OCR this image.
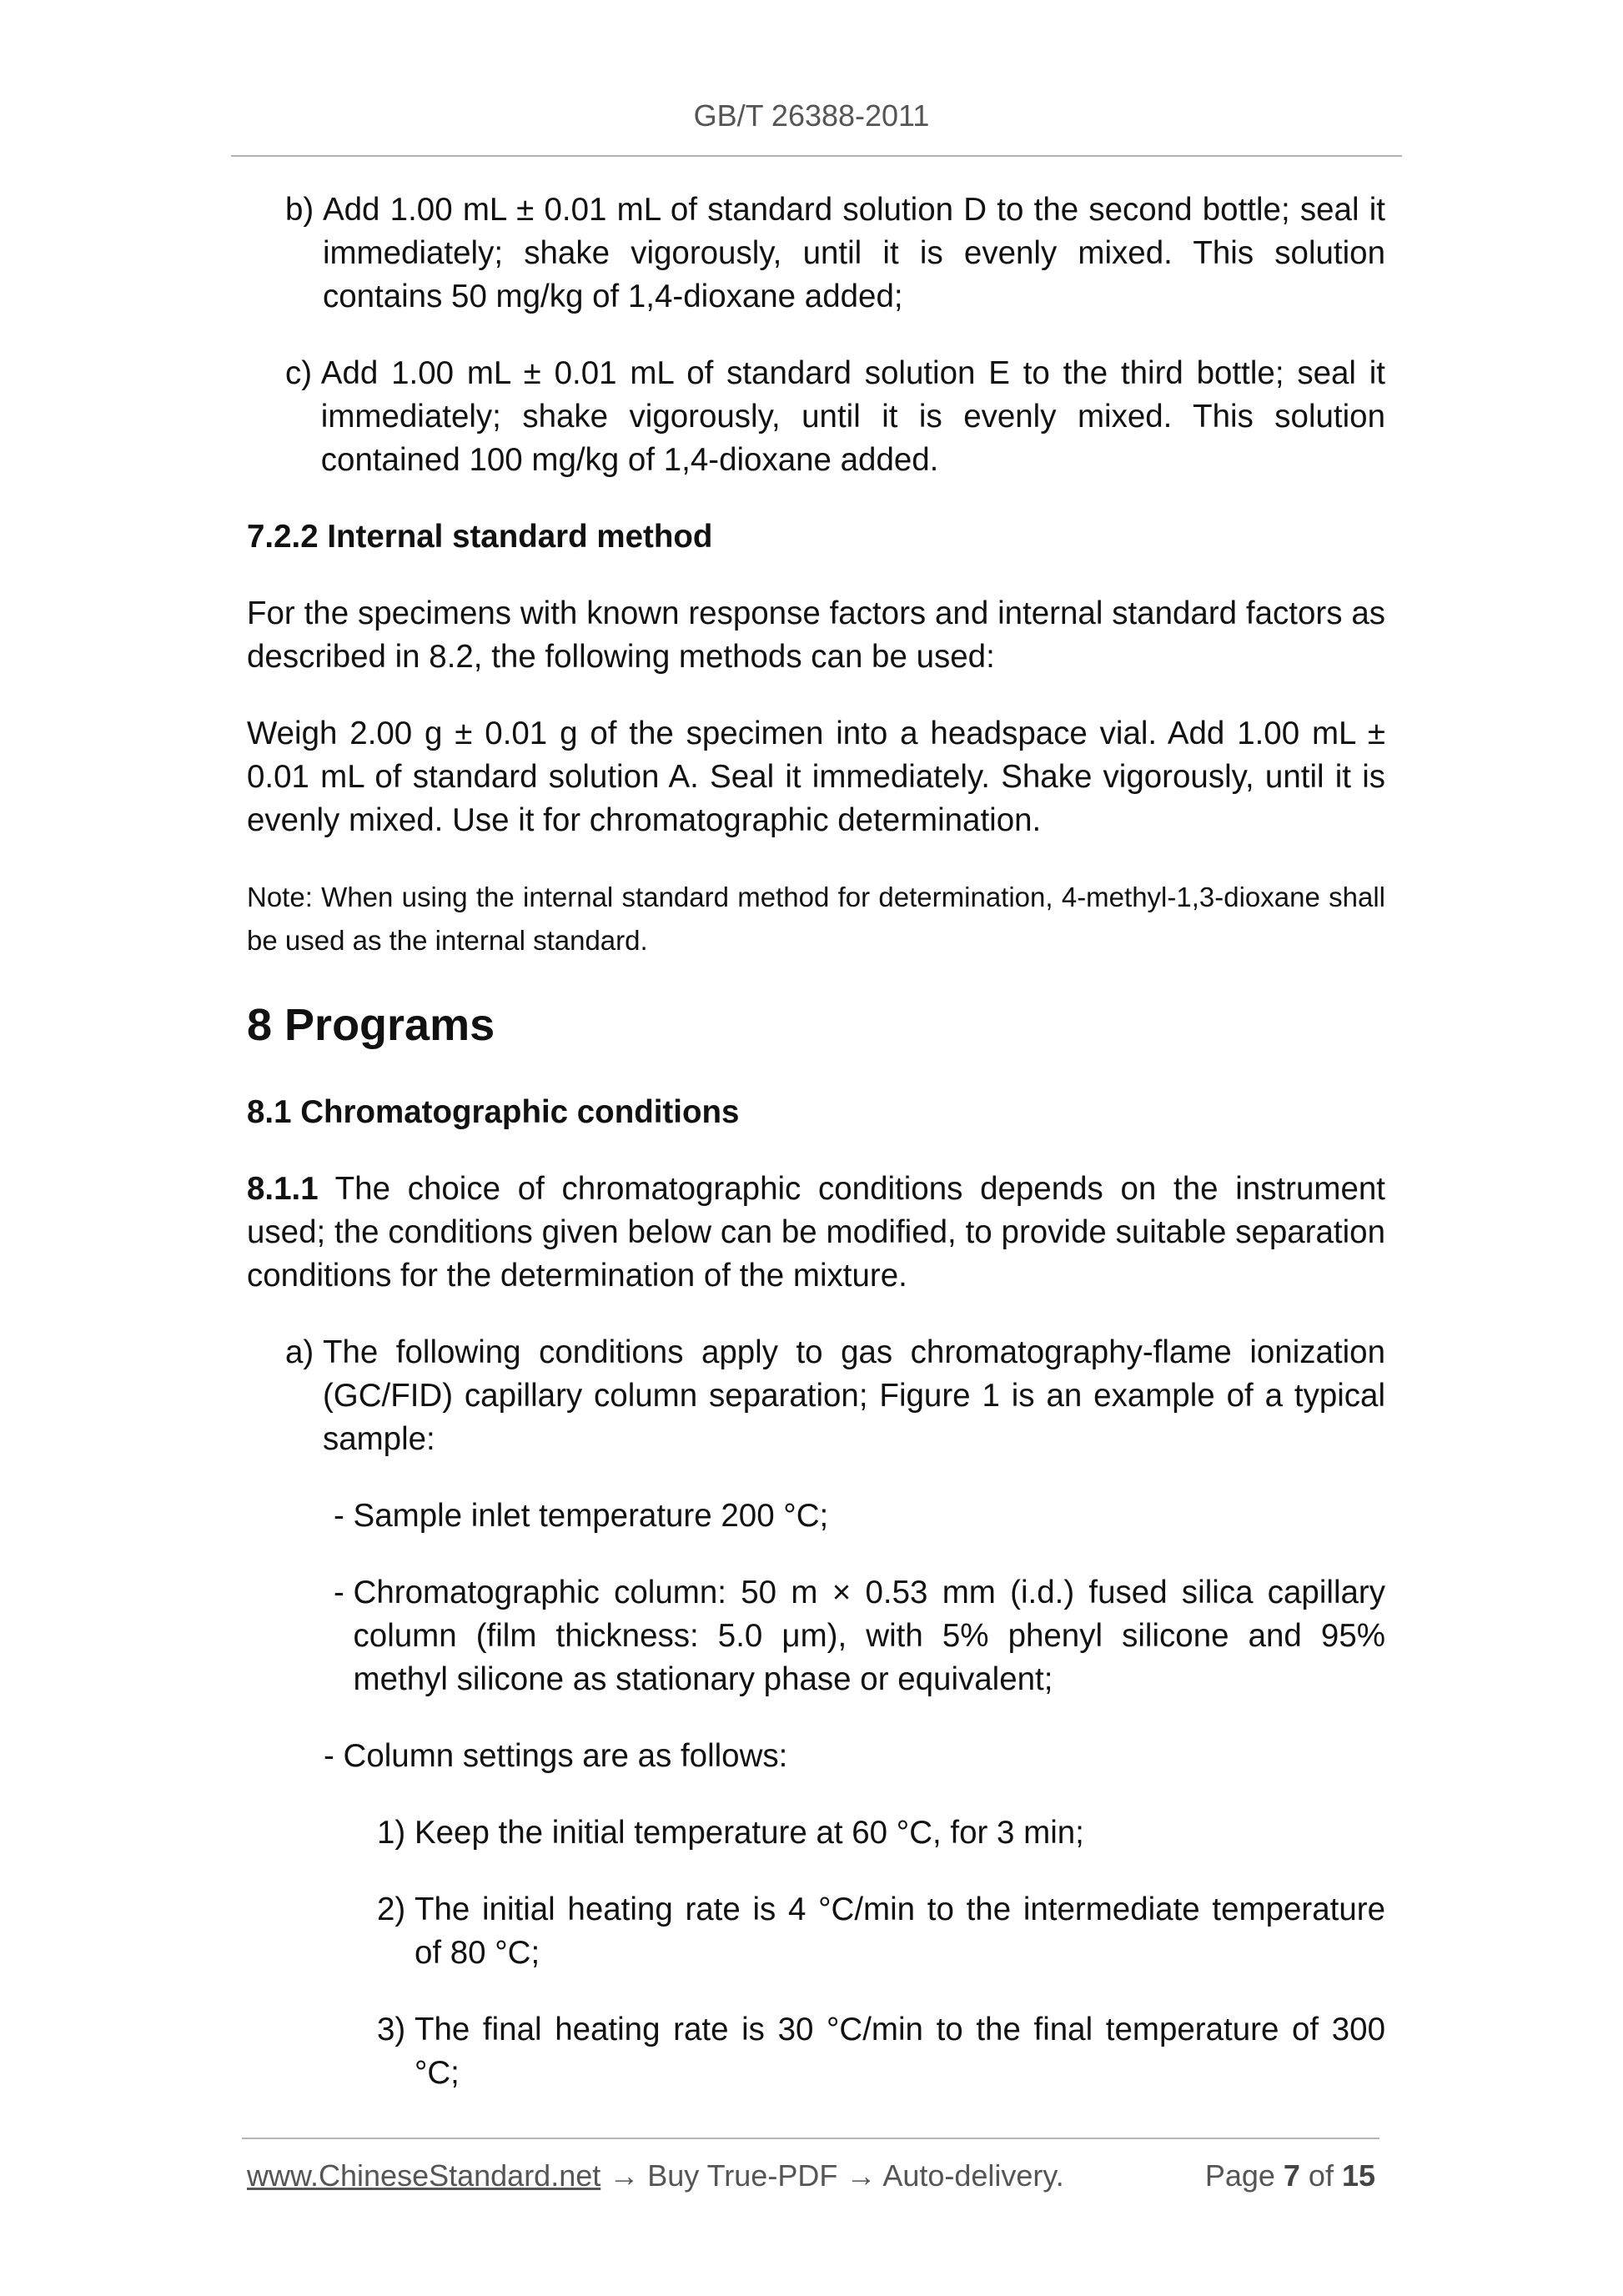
GB/T 26388-2011
b) Add 1.00 mL ± 0.01 mL of standard solution D to the second bottle; seal it immediately; shake vigorously, until it is evenly mixed. This solution contains 50 mg/kg of 1,4-dioxane added;
c) Add 1.00 mL ± 0.01 mL of standard solution E to the third bottle; seal it immediately; shake vigorously, until it is evenly mixed. This solution contained 100 mg/kg of 1,4-dioxane added.
7.2.2 Internal standard method
For the specimens with known response factors and internal standard factors as described in 8.2, the following methods can be used:
Weigh 2.00 g ± 0.01 g of the specimen into a headspace vial. Add 1.00 mL ± 0.01 mL of standard solution A. Seal it immediately. Shake vigorously, until it is evenly mixed. Use it for chromatographic determination.
Note: When using the internal standard method for determination, 4-methyl-1,3-dioxane shall be used as the internal standard.
8 Programs
8.1 Chromatographic conditions
8.1.1 The choice of chromatographic conditions depends on the instrument used; the conditions given below can be modified, to provide suitable separation conditions for the determination of the mixture.
a) The following conditions apply to gas chromatography-flame ionization (GC/FID) capillary column separation; Figure 1 is an example of a typical sample:
- Sample inlet temperature 200 °C;
- Chromatographic column: 50 m × 0.53 mm (i.d.) fused silica capillary column (film thickness: 5.0 μm), with 5% phenyl silicone and 95% methyl silicone as stationary phase or equivalent;
- Column settings are as follows:
1) Keep the initial temperature at 60 °C, for 3 min;
2) The initial heating rate is 4 °C/min to the intermediate temperature of 80 °C;
3) The final heating rate is 30 °C/min to the final temperature of 300 °C;
www.ChineseStandard.net → Buy True-PDF → Auto-delivery.	Page 7 of 15
